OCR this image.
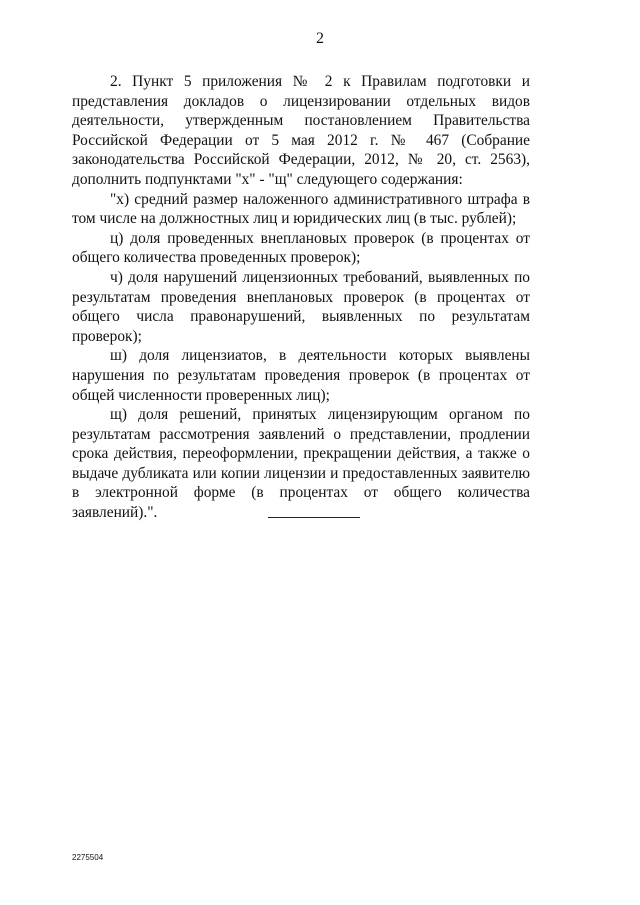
2

2. Пункт 5 приложения № 2 к Правилам подготовки и представления докладов о лицензировании отдельных видов деятельности, утвержденным постановлением Правительства Российской Федерации от 5 мая 2012 г. № 467 (Собрание законодательства Российской Федерации, 2012, № 20, ст. 2563), дополнить подпунктами "х" - "щ" следующего содержания:

"х) средний размер наложенного административного штрафа в том числе на должностных лиц и юридических лиц (в тыс. рублей);

ц) доля проведенных внеплановых проверок (в процентах от общего количества проведенных проверок);

ч) доля нарушений лицензионных требований, выявленных по результатам проведения внеплановых проверок (в процентах от общего числа правонарушений, выявленных по результатам проверок);

ш) доля лицензиатов, в деятельности которых выявлены нарушения по результатам проведения проверок (в процентах от общей численности проверенных лиц);

щ) доля решений, принятых лицензирующим органом по результатам рассмотрения заявлений о представлении, продлении срока действия, переоформлении, прекращении действия, а также о выдаче дубликата или копии лицензии и предоставленных заявителю в электронной форме (в процентах от общего количества заявлений).".

2275504
